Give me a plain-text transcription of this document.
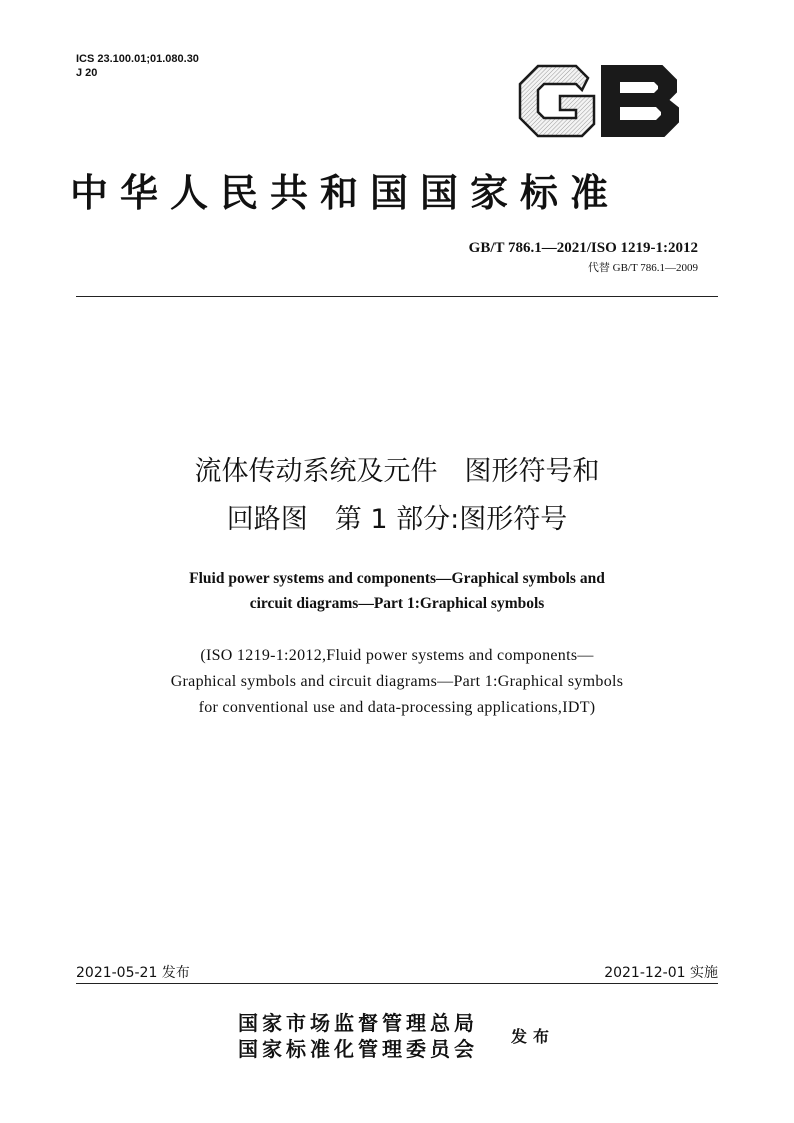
ICS 23.100.01;01.080.30
J 20
中华人民共和国国家标准
GB/T 786.1—2021/ISO 1219-1:2012
代替 GB/T 786.1—2009
流体传动系统及元件　图形符号和
回路图　第 1 部分:图形符号
Fluid power systems and components—Graphical symbols and
circuit diagrams—Part 1:Graphical symbols
(ISO 1219-1:2012,Fluid power systems and components—
Graphical symbols and circuit diagrams—Part 1:Graphical symbols
for conventional use and data-processing applications,IDT)
2021-05-21 发布	2021-12-01 实施
国家市场监督管理总局
国家标准化管理委员会
发布
